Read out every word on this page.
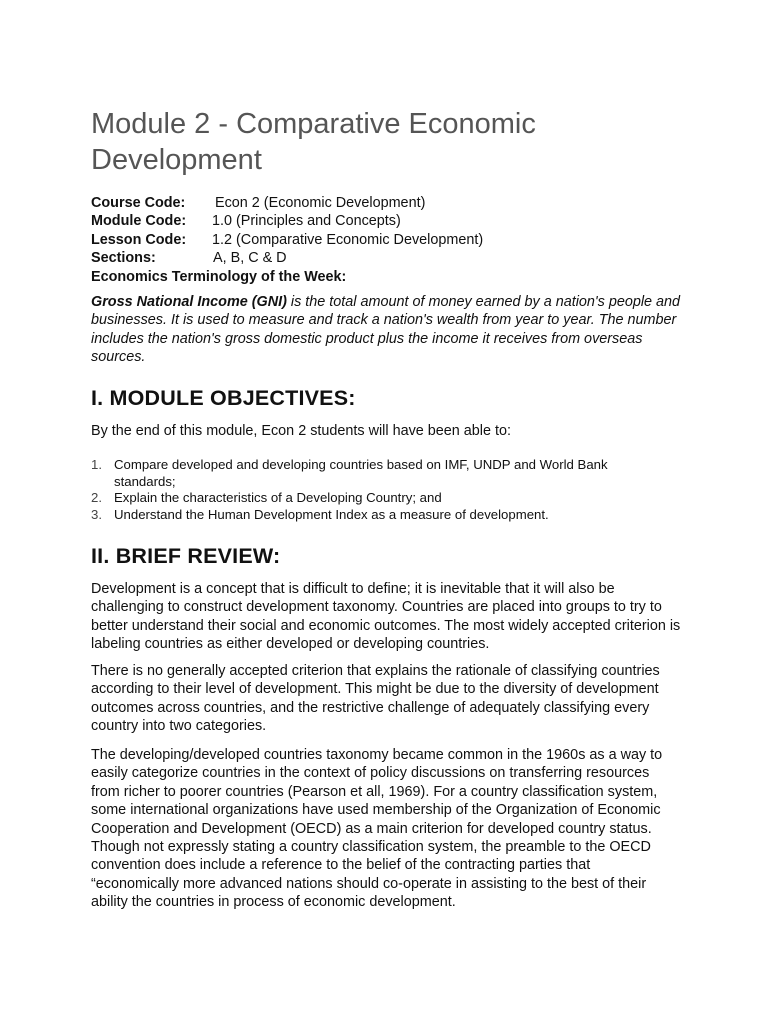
Module 2 - Comparative Economic Development
Course Code: Econ 2 (Economic Development)
Module Code: 1.0 (Principles and Concepts)
Lesson Code: 1.2 (Comparative Economic Development)
Sections:	A, B, C & D
Economics Terminology of the Week:

Gross National Income (GNI) is the total amount of money earned by a nation's people and businesses. It is used to measure and track a nation's wealth from year to year. The number includes the nation's gross domestic product plus the income it receives from overseas sources.

I. MODULE OBJECTIVES:

By the end of this module, Econ 2 students will have been able to:

1. Compare developed and developing countries based on IMF, UNDP and World Bank standards;
2. Explain the characteristics of a Developing Country; and
3. Understand the Human Development Index as a measure of development.
II. BRIEF REVIEW:

Development is a concept that is difficult to define; it is inevitable that it will also be challenging to construct development taxonomy. Countries are placed into groups to try to better understand their social and economic outcomes. The most widely accepted criterion is labeling countries as either developed or developing countries.

There is no generally accepted criterion that explains the rationale of classifying countries according to their level of development. This might be due to the diversity of development outcomes across countries, and the restrictive challenge of adequately classifying every country into two categories.

The developing/developed countries taxonomy became common in the 1960s as a way to easily categorize countries in the context of policy discussions on transferring resources from richer to poorer countries (Pearson et all, 1969). For a country classification system, some international organizations have used membership of the Organization of Economic Cooperation and Development (OECD) as a main criterion for developed country status. Though not expressly stating a country classification system, the preamble to the OECD convention does include a reference to the belief of the contracting parties that “economically more advanced nations should co-operate in assisting to the best of their ability the countries in process of economic development.
